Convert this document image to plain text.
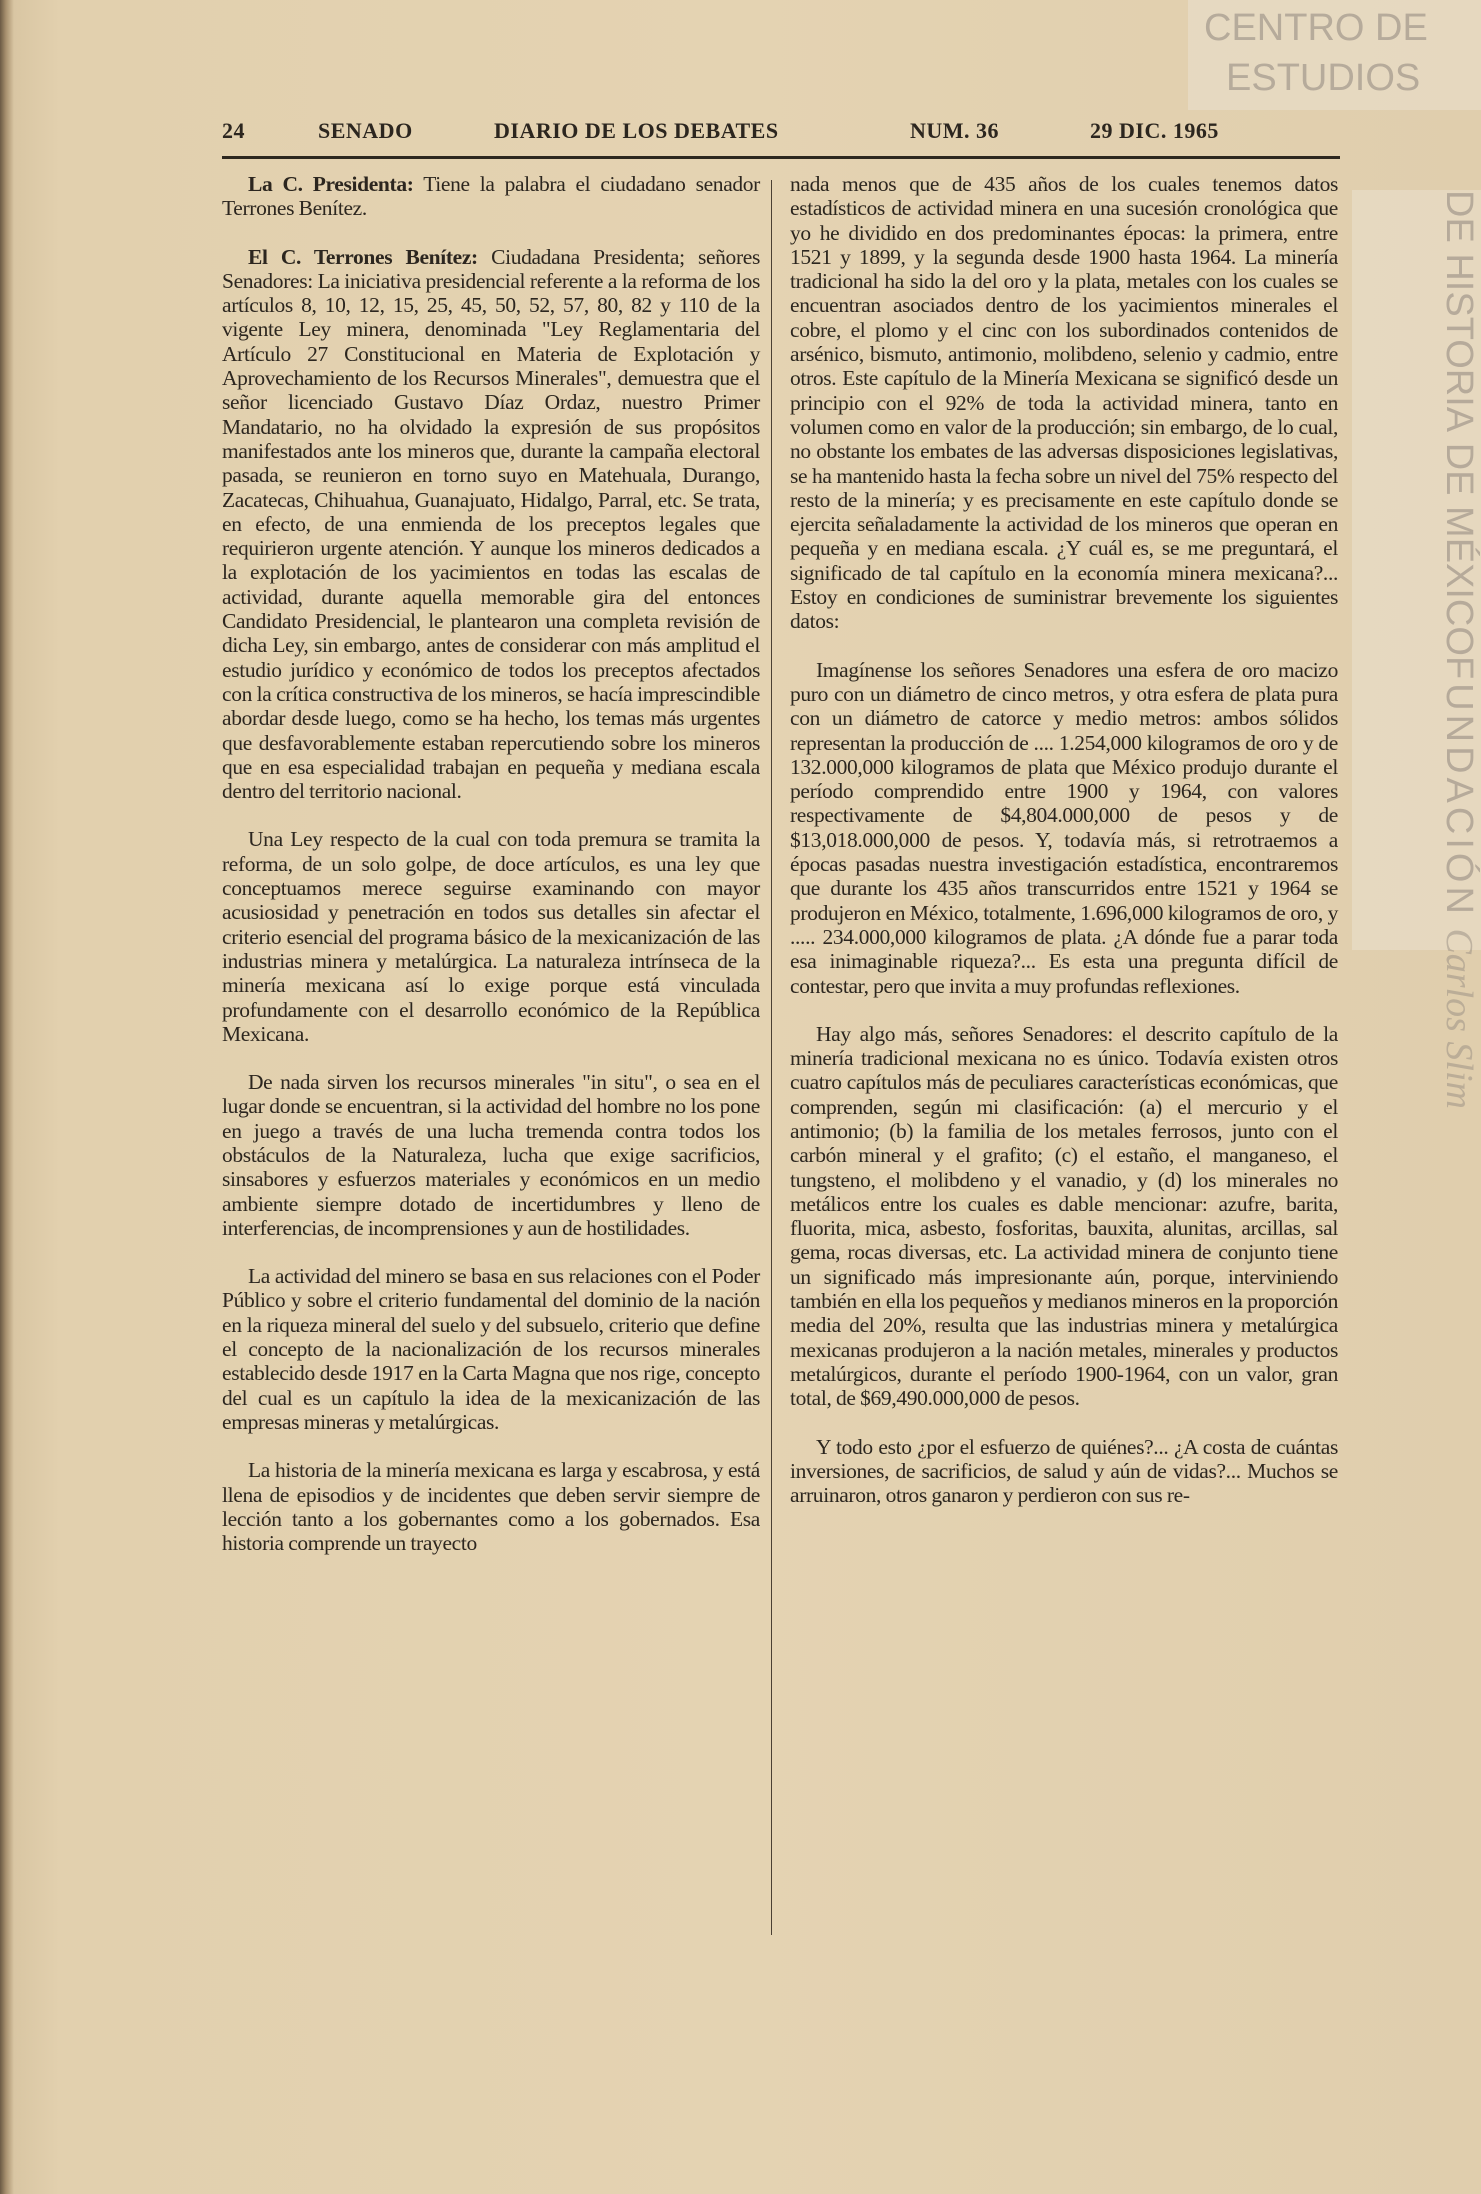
CENTRO DE
ESTUDIOS
DE HISTORIA DE MÉXICO
FUNDACIÓN Carlos Slim
24	SENADO	DIARIO DE LOS DEBATES	NUM. 36	29 DIC. 1965

La C. Presidenta: Tiene la palabra el ciudadano senador Terrones Benítez.

El C. Terrones Benítez: Ciudadana Presidenta; señores Senadores: La iniciativa presidencial referente a la reforma de los artículos 8, 10, 12, 15, 25, 45, 50, 52, 57, 80, 82 y 110 de la vigente Ley minera, denominada "Ley Reglamentaria del Artículo 27 Constitucional en Materia de Explotación y Aprovechamiento de los Recursos Minerales", demuestra que el señor licenciado Gustavo Díaz Ordaz, nuestro Primer Mandatario, no ha olvidado la expresión de sus propósitos manifestados ante los mineros que, durante la campaña electoral pasada, se reunieron en torno suyo en Matehuala, Durango, Zacatecas, Chihuahua, Guanajuato, Hidalgo, Parral, etc. Se trata, en efecto, de una enmienda de los preceptos legales que requirieron urgente atención. Y aunque los mineros dedicados a la explotación de los yacimientos en todas las escalas de actividad, durante aquella memorable gira del entonces Candidato Presidencial, le plantearon una completa revisión de dicha Ley, sin embargo, antes de considerar con más amplitud el estudio jurídico y económico de todos los preceptos afectados con la crítica constructiva de los mineros, se hacía imprescindible abordar desde luego, como se ha hecho, los temas más urgentes que desfavorablemente estaban repercutiendo sobre los mineros que en esa especialidad trabajan en pequeña y mediana escala dentro del territorio nacional.

Una Ley respecto de la cual con toda premura se tramita la reforma, de un solo golpe, de doce artículos, es una ley que conceptuamos merece seguirse examinando con mayor acusiosidad y penetración en todos sus detalles sin afectar el criterio esencial del programa básico de la mexicanización de las industrias minera y metalúrgica. La naturaleza intrínseca de la minería mexicana así lo exige porque está vinculada profundamente con el desarrollo económico de la República Mexicana.

De nada sirven los recursos minerales "in situ", o sea en el lugar donde se encuentran, si la actividad del hombre no los pone en juego a través de una lucha tremenda contra todos los obstáculos de la Naturaleza, lucha que exige sacrificios, sinsabores y esfuerzos materiales y económicos en un medio ambiente siempre dotado de incertidumbres y lleno de interferencias, de incomprensiones y aun de hostilidades.

La actividad del minero se basa en sus relaciones con el Poder Público y sobre el criterio fundamental del dominio de la nación en la riqueza mineral del suelo y del subsuelo, criterio que define el concepto de la nacionalización de los recursos minerales establecido desde 1917 en la Carta Magna que nos rige, concepto del cual es un capítulo la idea de la mexicanización de las empresas mineras y metalúrgicas.

La historia de la minería mexicana es larga y escabrosa, y está llena de episodios y de incidentes que deben servir siempre de lección tanto a los gobernantes como a los gobernados. Esa historia comprende un trayecto

nada menos que de 435 años de los cuales tenemos datos estadísticos de actividad minera en una sucesión cronológica que yo he dividido en dos predominantes épocas: la primera, entre 1521 y 1899, y la segunda desde 1900 hasta 1964. La minería tradicional ha sido la del oro y la plata, metales con los cuales se encuentran asociados dentro de los yacimientos minerales el cobre, el plomo y el cinc con los subordinados contenidos de arsénico, bismuto, antimonio, molibdeno, selenio y cadmio, entre otros. Este capítulo de la Minería Mexicana se significó desde un principio con el 92% de toda la actividad minera, tanto en volumen como en valor de la producción; sin embargo, de lo cual, no obstante los embates de las adversas disposiciones legislativas, se ha mantenido hasta la fecha sobre un nivel del 75% respecto del resto de la minería; y es precisamente en este capítulo donde se ejercita señaladamente la actividad de los mineros que operan en pequeña y en mediana escala. ¿Y cuál es, se me preguntará, el significado de tal capítulo en la economía minera mexicana?... Estoy en condiciones de suministrar brevemente los siguientes datos:

Imagínense los señores Senadores una esfera de oro macizo puro con un diámetro de cinco metros, y otra esfera de plata pura con un diámetro de catorce y medio metros: ambos sólidos representan la producción de .... 1.254,000 kilogramos de oro y de 132.000,000 kilogramos de plata que México produjo durante el período comprendido entre 1900 y 1964, con valores respectivamente de $4,804.000,000 de pesos y de $13,018.000,000 de pesos. Y, todavía más, si retrotraemos a épocas pasadas nuestra investigación estadística, encontraremos que durante los 435 años transcurridos entre 1521 y 1964 se produjeron en México, totalmente, 1.696,000 kilogramos de oro, y ..... 234.000,000 kilogramos de plata. ¿A dónde fue a parar toda esa inimaginable riqueza?... Es esta una pregunta difícil de contestar, pero que invita a muy profundas reflexiones.

Hay algo más, señores Senadores: el descrito capítulo de la minería tradicional mexicana no es único. Todavía existen otros cuatro capítulos más de peculiares características económicas, que comprenden, según mi clasificación: (a) el mercurio y el antimonio; (b) la familia de los metales ferrosos, junto con el carbón mineral y el grafito; (c) el estaño, el manganeso, el tungsteno, el molibdeno y el vanadio, y (d) los minerales no metálicos entre los cuales es dable mencionar: azufre, barita, fluorita, mica, asbesto, fosforitas, bauxita, alunitas, arcillas, sal gema, rocas diversas, etc. La actividad minera de conjunto tiene un significado más impresionante aún, porque, interviniendo también en ella los pequeños y medianos mineros en la proporción media del 20%, resulta que las industrias minera y metalúrgica mexicanas produjeron a la nación metales, minerales y productos metalúrgicos, durante el período 1900-1964, con un valor, gran total, de $69,490.000,000 de pesos.

Y todo esto ¿por el esfuerzo de quiénes?... ¿A costa de cuántas inversiones, de sacrificios, de salud y aún de vidas?... Muchos se arruinaron, otros ganaron y perdieron con sus re-
